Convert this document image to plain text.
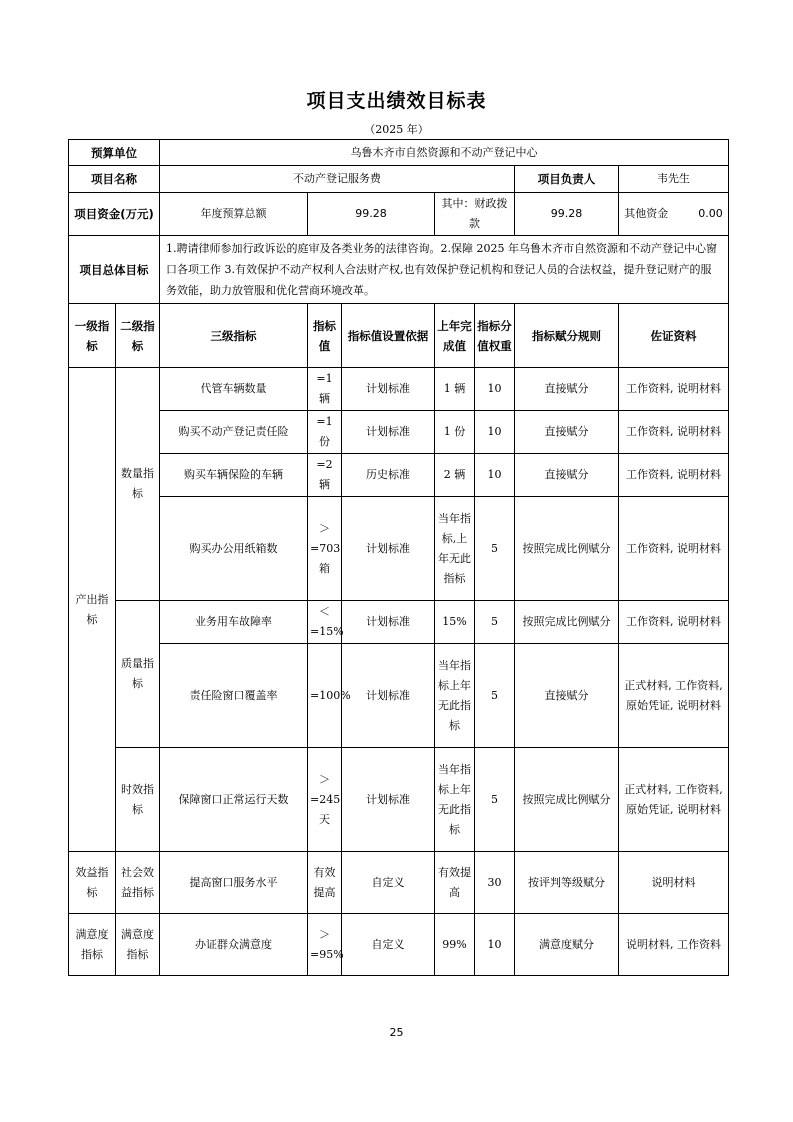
项目支出绩效目标表
（2025 年）
预算单位		乌鲁木齐市自然资源和不动产登记中心						
项目名称		不动产登记服务费					项目负责人	韦先生
项目资金(万元)		年度预算总额	99.28		其中：财政拨款		99.28	其他资金 0.00
项目总体目标		1.聘请律师参加行政诉讼的庭审及各类业务的法律咨询。2.保障 2025 年乌鲁木齐市自然资源和不动产登记中心窗口各项工作 3.有效保护不动产权利人合法财产权,也有效保护登记机构和登记人员的合法权益，提升登记财产的服务效能，助力放管服和优化营商环境改革。						
一级指标	二级指标	三级指标	指标值	指标值设置依据	上年完成值	指标分值权重	指标赋分规则	佐证资料
产出指标	数量指标	代管车辆数量	=1 辆	计划标准	1 辆	10	直接赋分	工作资料, 说明材料
		购买不动产登记责任险	=1 份	计划标准	1 份	10	直接赋分	工作资料, 说明材料
		购买车辆保险的车辆	=2 辆	历史标准	2 辆	10	直接赋分	工作资料, 说明材料
		购买办公用纸箱数	＞=703 箱	计划标准	当年指标,上年无此指标	5	按照完成比例赋分	工作资料, 说明材料
	质量指标	业务用车故障率	＜=15%	计划标准	15%	5	按照完成比例赋分	工作资料, 说明材料
		责任险窗口覆盖率	=100%	计划标准	当年指标上年无此指标	5	直接赋分	正式材料, 工作资料, 原始凭证, 说明材料
	时效指标	保障窗口正常运行天数	＞=245 天	计划标准	当年指标上年无此指标	5	按照完成比例赋分	正式材料, 工作资料, 原始凭证, 说明材料
效益指标	社会效益指标	提高窗口服务水平	有效提高	自定义	有效提高	30	按评判等级赋分	说明材料
满意度指标	满意度指标	办证群众满意度	＞=95%	自定义	99%	10	满意度赋分	说明材料, 工作资料
25
